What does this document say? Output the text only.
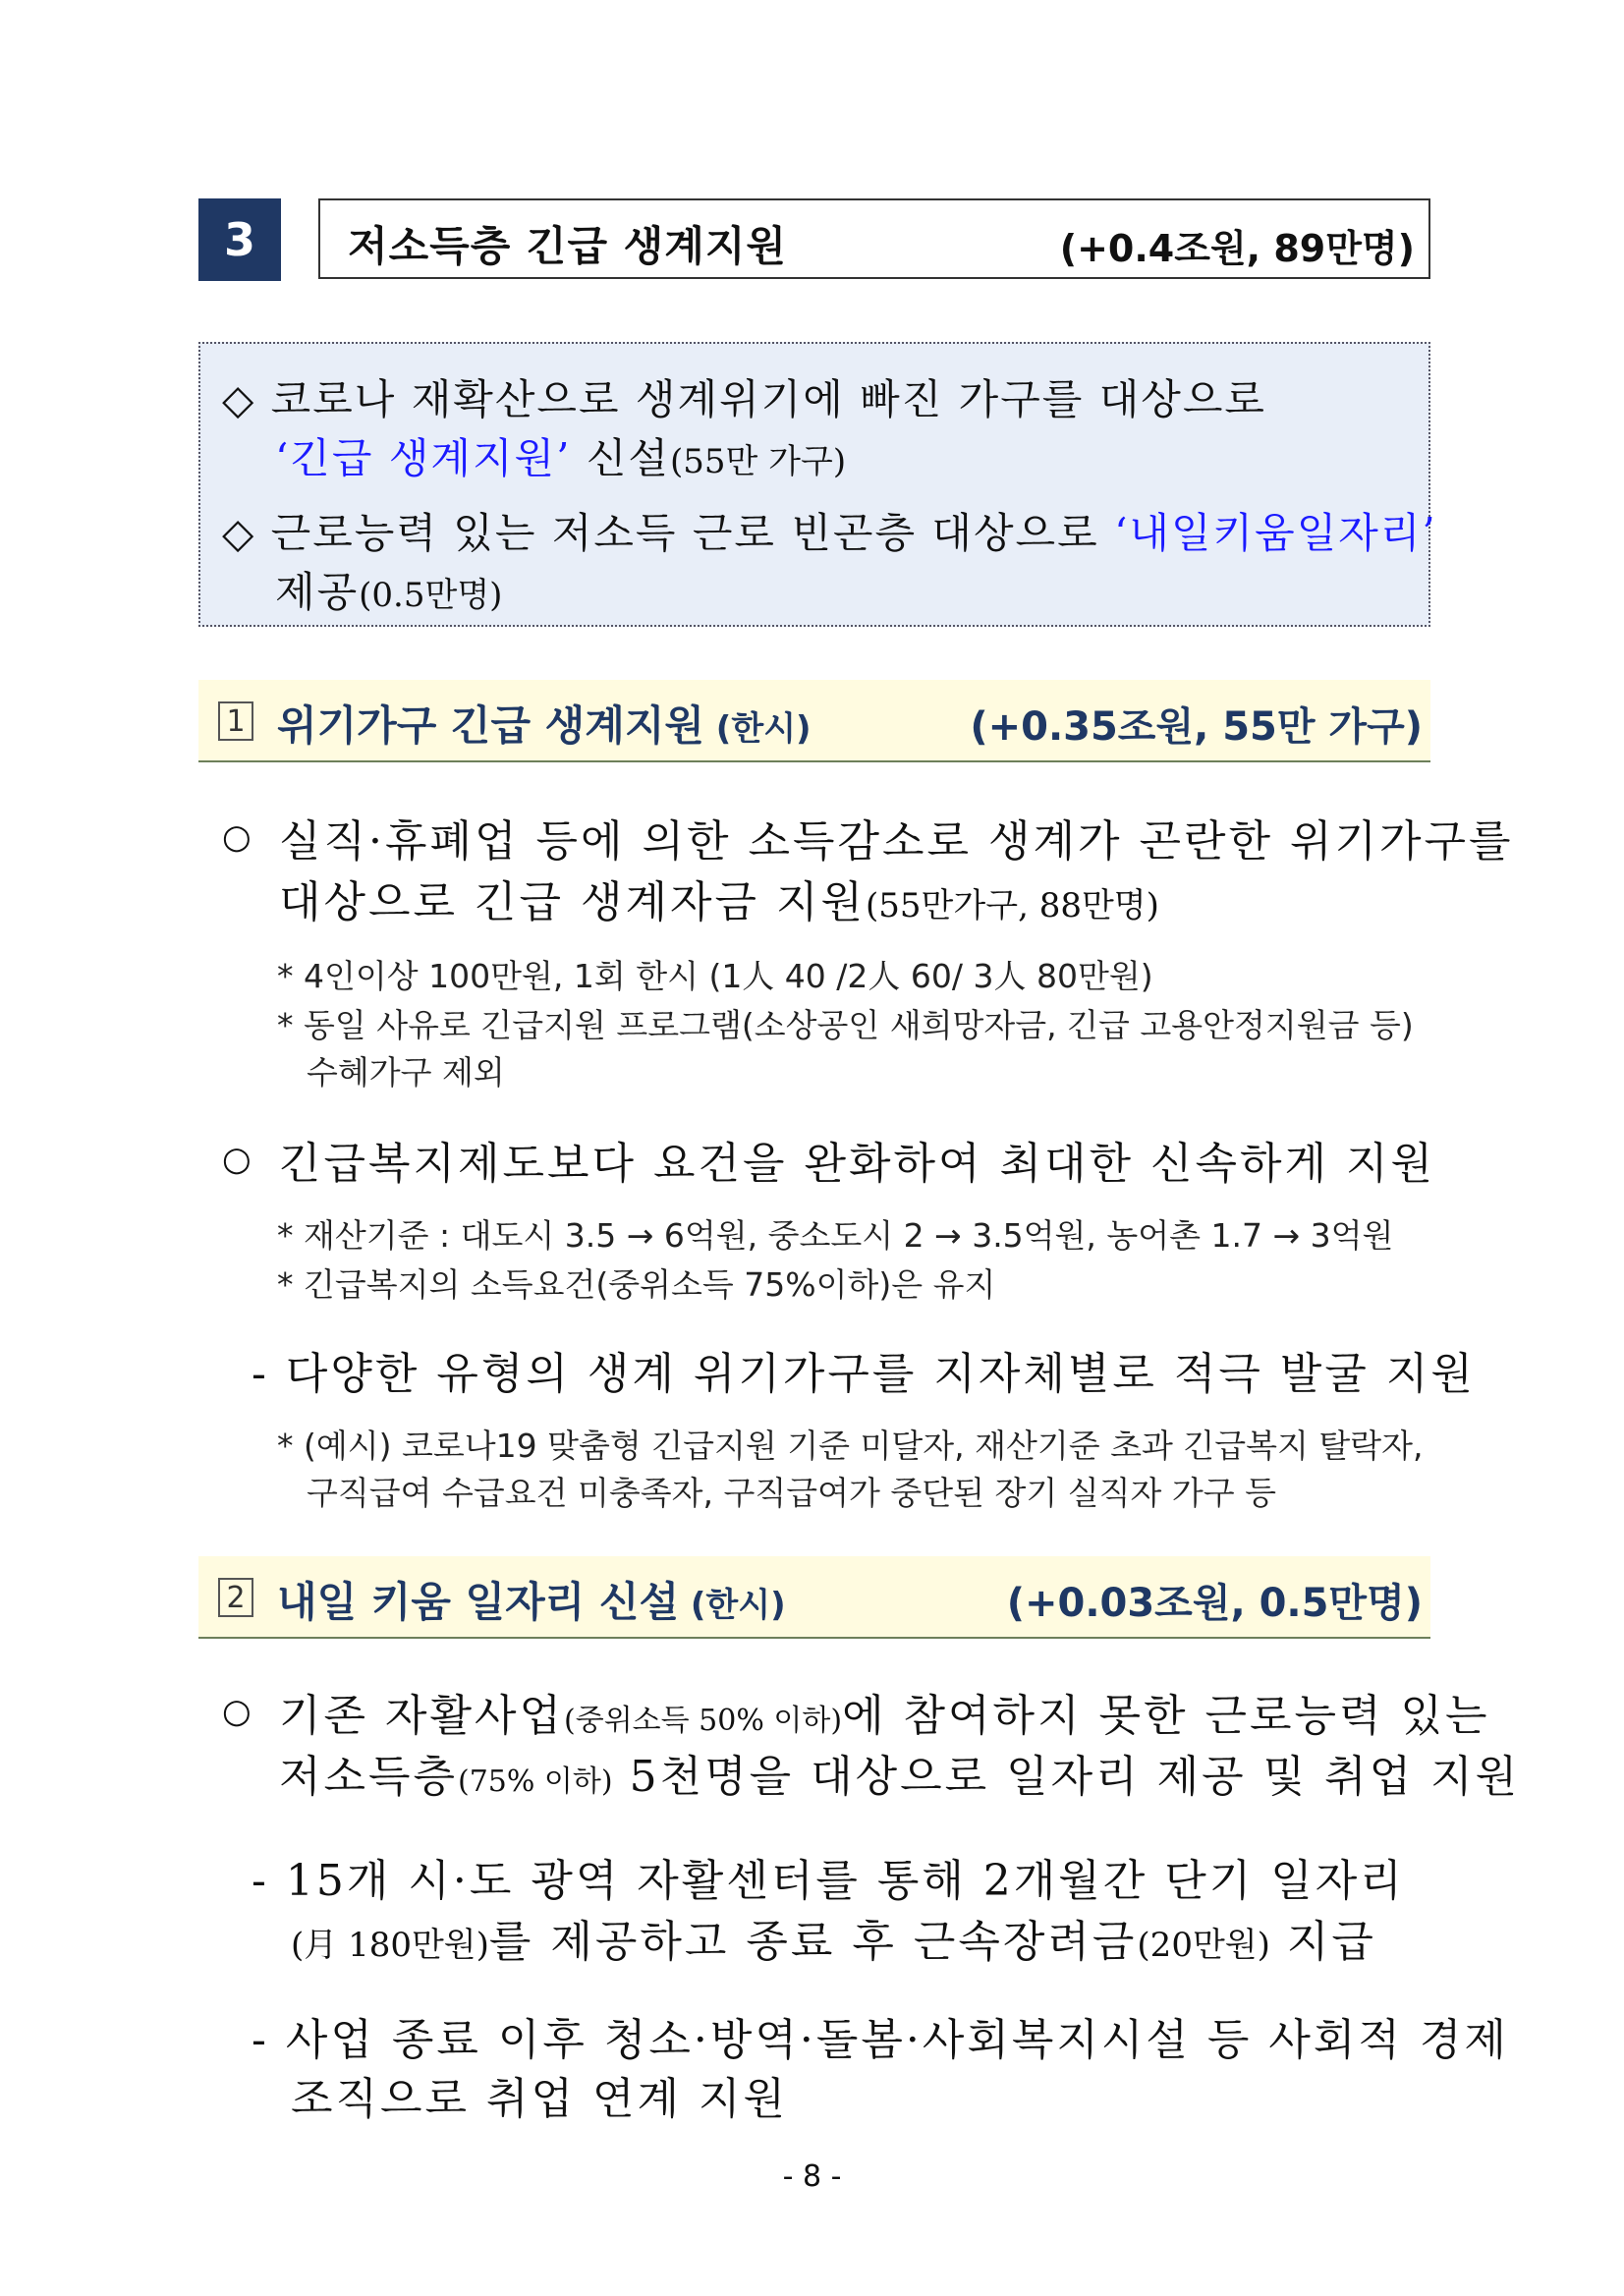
3	저소득층 긴급 생계지원	(+0.4조원, 89만명)
◇ 코로나 재확산으로 생계위기에 빠진 가구를 대상으로
‘긴급 생계지원’ 신설(55만 가구)
◇ 근로능력 있는 저소득 근로 빈곤층 대상으로 ‘내일키움일자리’
제공(0.5만명)
1 위기가구 긴급 생계지원 (한시)	(+0.35조원, 55만 가구)
○ 실직·휴폐업 등에 의한 소득감소로 생계가 곤란한 위기가구를
대상으로 긴급 생계자금 지원(55만가구, 88만명)
* 4인이상 100만원, 1회 한시 (1人 40 /2人 60/ 3人 80만원)
* 동일 사유로 긴급지원 프로그램(소상공인 새희망자금, 긴급 고용안정지원금 등)
수혜가구 제외
○ 긴급복지제도보다 요건을 완화하여 최대한 신속하게 지원
* 재산기준 : 대도시 3.5 → 6억원, 중소도시 2 → 3.5억원, 농어촌 1.7 → 3억원
* 긴급복지의 소득요건(중위소득 75%이하)은 유지
- 다양한 유형의 생계 위기가구를 지자체별로 적극 발굴 지원
* (예시) 코로나19 맞춤형 긴급지원 기준 미달자, 재산기준 초과 긴급복지 탈락자,
구직급여 수급요건 미충족자, 구직급여가 중단된 장기 실직자 가구 등
2 내일 키움 일자리 신설 (한시)	(+0.03조원, 0.5만명)
○ 기존 자활사업(중위소득 50% 이하)에 참여하지 못한 근로능력 있는
저소득층(75% 이하) 5천명을 대상으로 일자리 제공 및 취업 지원
- 15개 시·도 광역 자활센터를 통해 2개월간 단기 일자리
(月 180만원)를 제공하고 종료 후 근속장려금(20만원) 지급
- 사업 종료 이후 청소·방역·돌봄·사회복지시설 등 사회적 경제
조직으로 취업 연계 지원
- 8 -
